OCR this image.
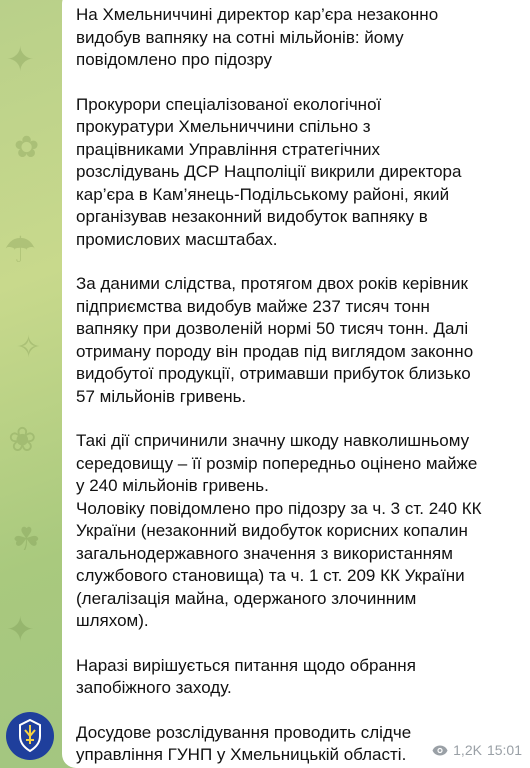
✦
✿
☂
✧
❀
☘
✦

На Хмельниччині директор кар’єра незаконно
видобув вапняку на сотні мільйонів: йому
повідомлено про підозру

Прокурори спеціалізованої екологічної
прокуратури Хмельниччини спільно з
працівниками Управління стратегічних
розслідувань ДСР Нацполіції викрили директора
кар’єра в Кам’янець-Подільському районі, який
організував незаконний видобуток вапняку в
промислових масштабах.

За даними слідства, протягом двох років керівник
підприємства видобув майже 237 тисяч тонн
вапняку при дозволеній нормі 50 тисяч тонн. Далі
отриману породу він продав під виглядом законно
видобутої продукції, отримавши прибуток близько
57 мільйонів гривень.

Такі дії спричинили значну шкоду навколишньому
середовищу – її розмір попередньо оцінено майже
у 240 мільйонів гривень.
Чоловіку повідомлено про підозру за ч. 3 ст. 240 КК
України (незаконний видобуток корисних копалин
загальнодержавного значення з використанням
службового становища) та ч. 1 ст. 209 КК України
(легалізація майна, одержаного злочинним
шляхом).

Наразі вирішується питання щодо обрання
запобіжного заходу.

Досудове розслідування проводить слідче
управління ГУНП у Хмельницькій області.	1,2K 15:01
